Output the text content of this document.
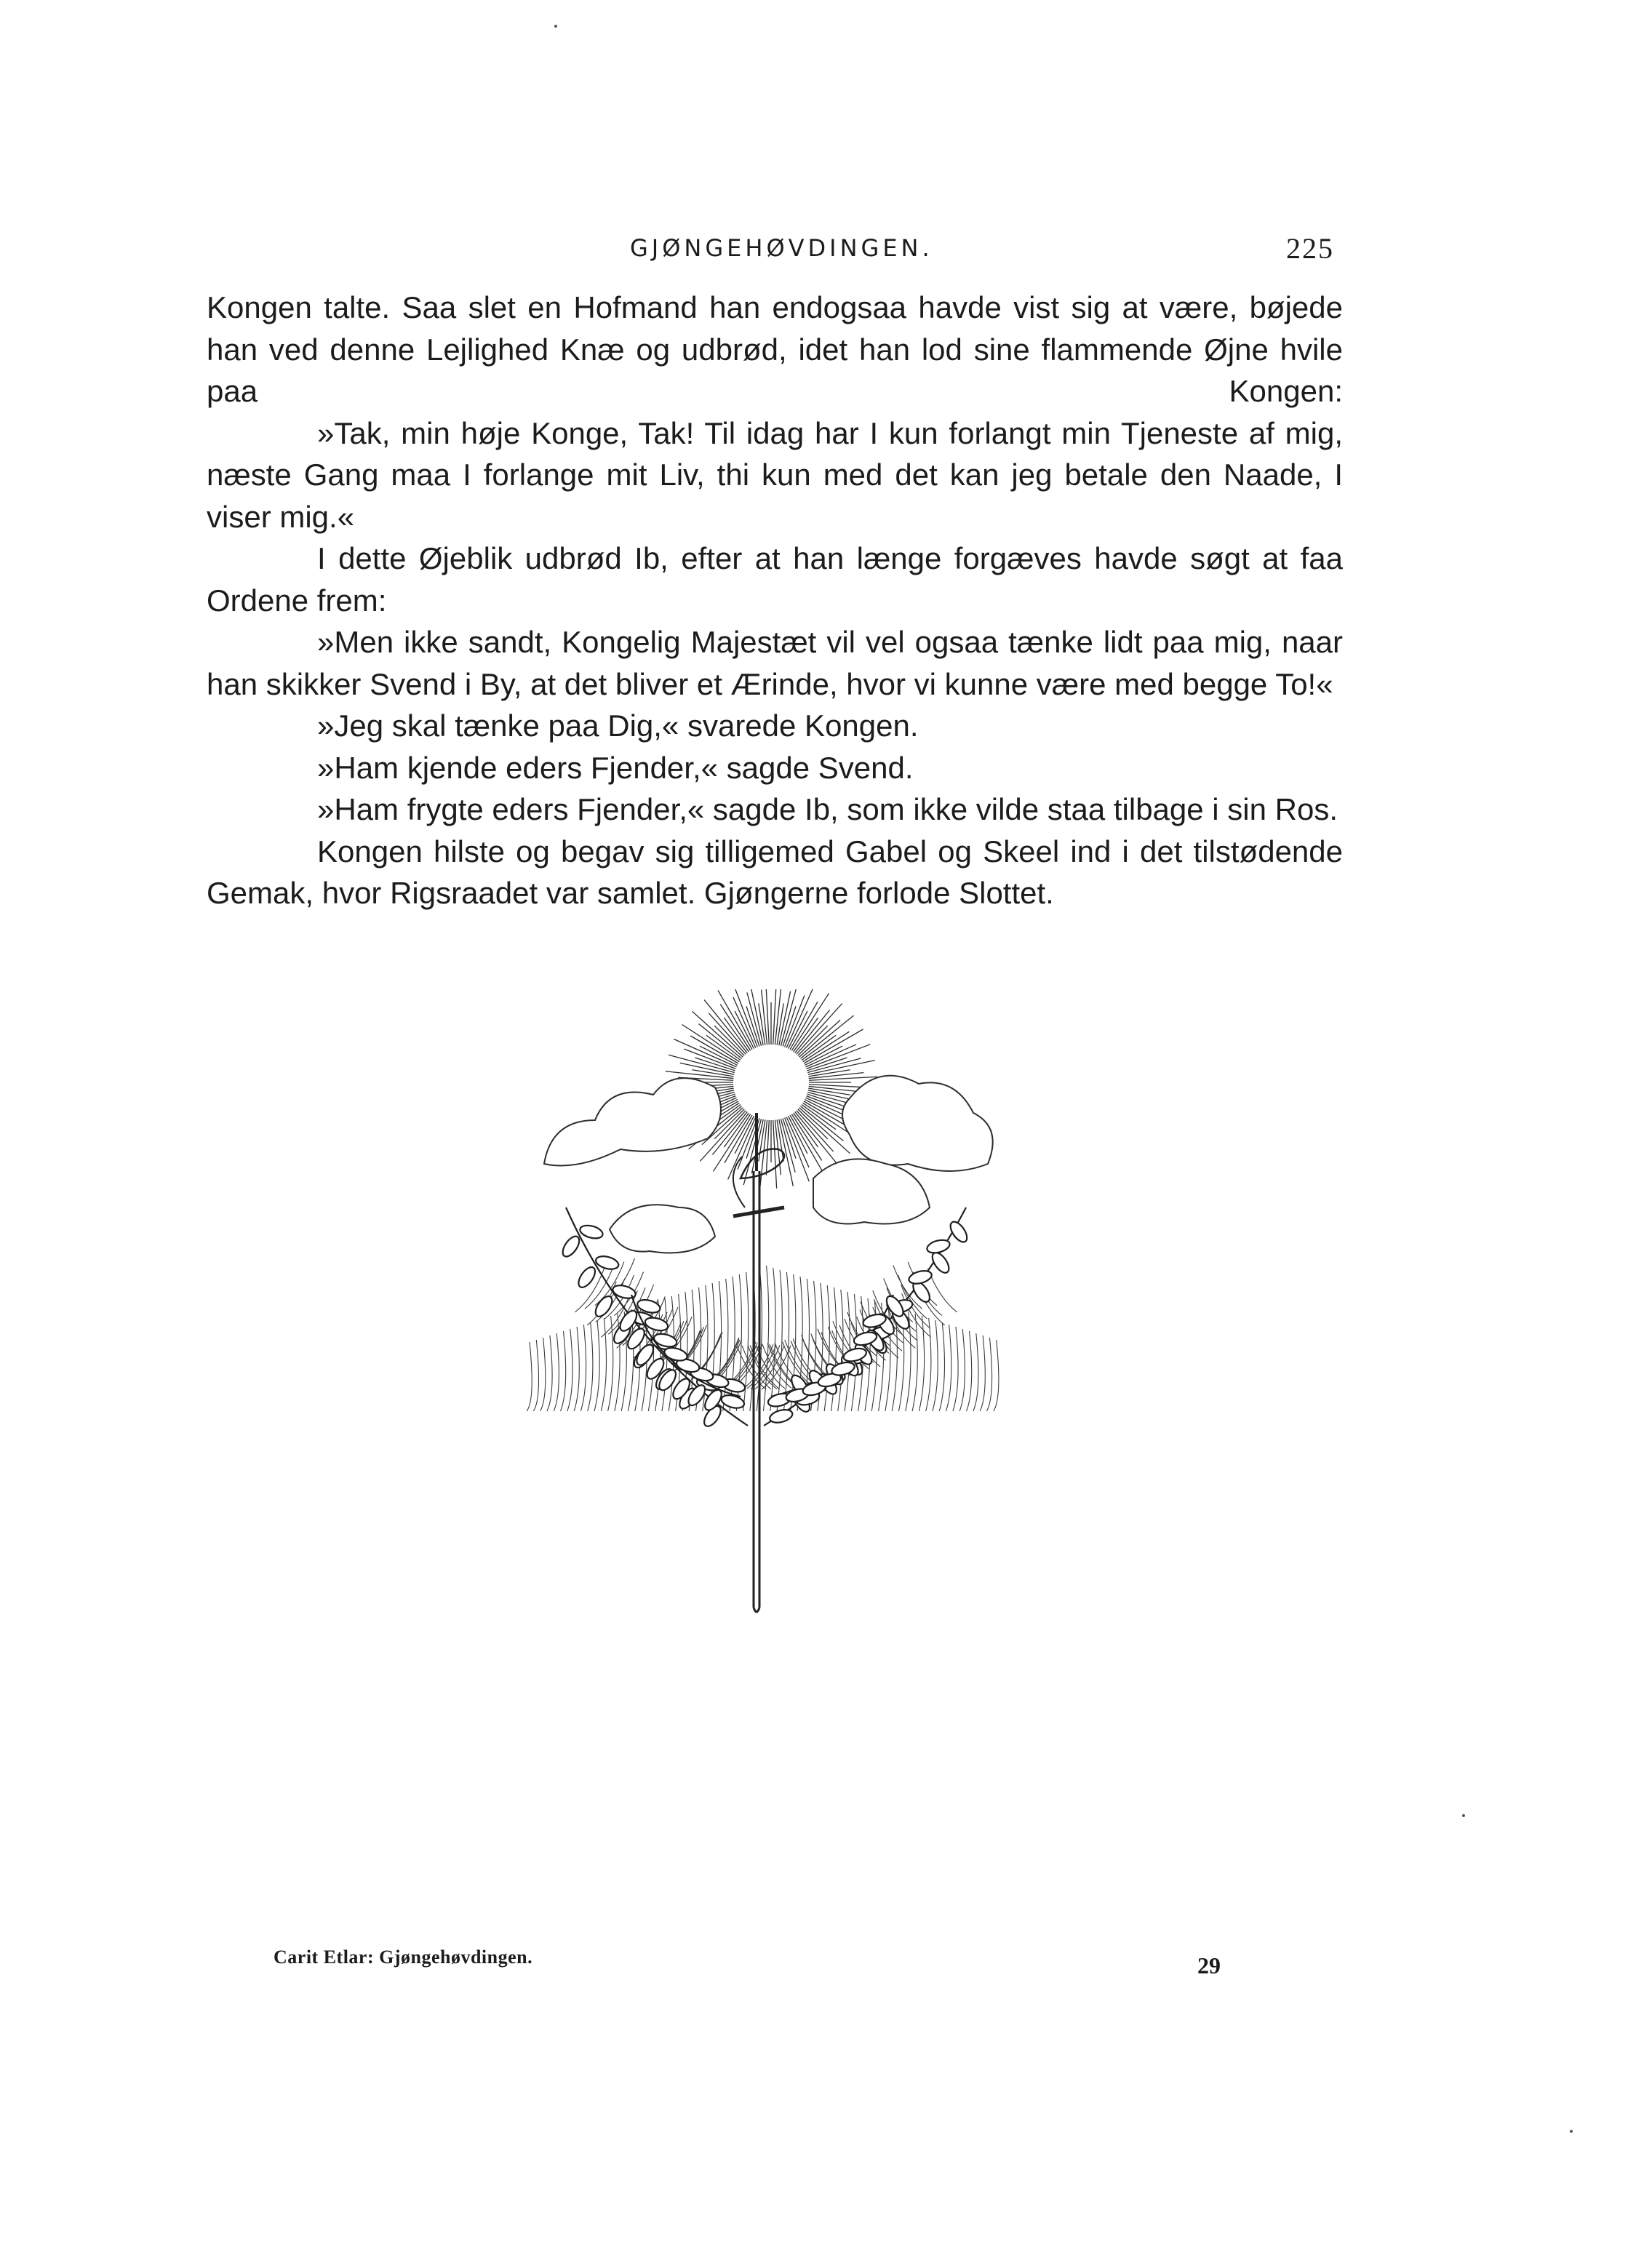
GJØNGEHØVDINGEN.	225

Kongen talte. Saa slet en Hofmand han endogsaa havde vist sig at være, bøjede han ved denne Lejlighed Knæ og udbrød, idet han lod sine flammende Øjne hvile paa Kongen:

»Tak, min høje Konge, Tak! Til idag har I kun forlangt min Tjeneste af mig, næste Gang maa I forlange mit Liv, thi kun med det kan jeg betale den Naade, I viser mig.«

I dette Øjeblik udbrød Ib, efter at han længe forgæves havde søgt at faa Ordene frem:

»Men ikke sandt, Kongelig Majestæt vil vel ogsaa tænke lidt paa mig, naar han skikker Svend i By, at det bliver et Ærinde, hvor vi kunne være med begge To!«

»Jeg skal tænke paa Dig,« svarede Kongen.

»Ham kjende eders Fjender,« sagde Svend.

»Ham frygte eders Fjender,« sagde Ib, som ikke vilde staa tilbage i sin Ros.

Kongen hilste og begav sig tilligemed Gabel og Skeel ind i det tilstødende Gemak, hvor Rigsraadet var samlet. Gjøngerne forlode Slottet.

Carit Etlar: Gjøngehøvdingen.	29
